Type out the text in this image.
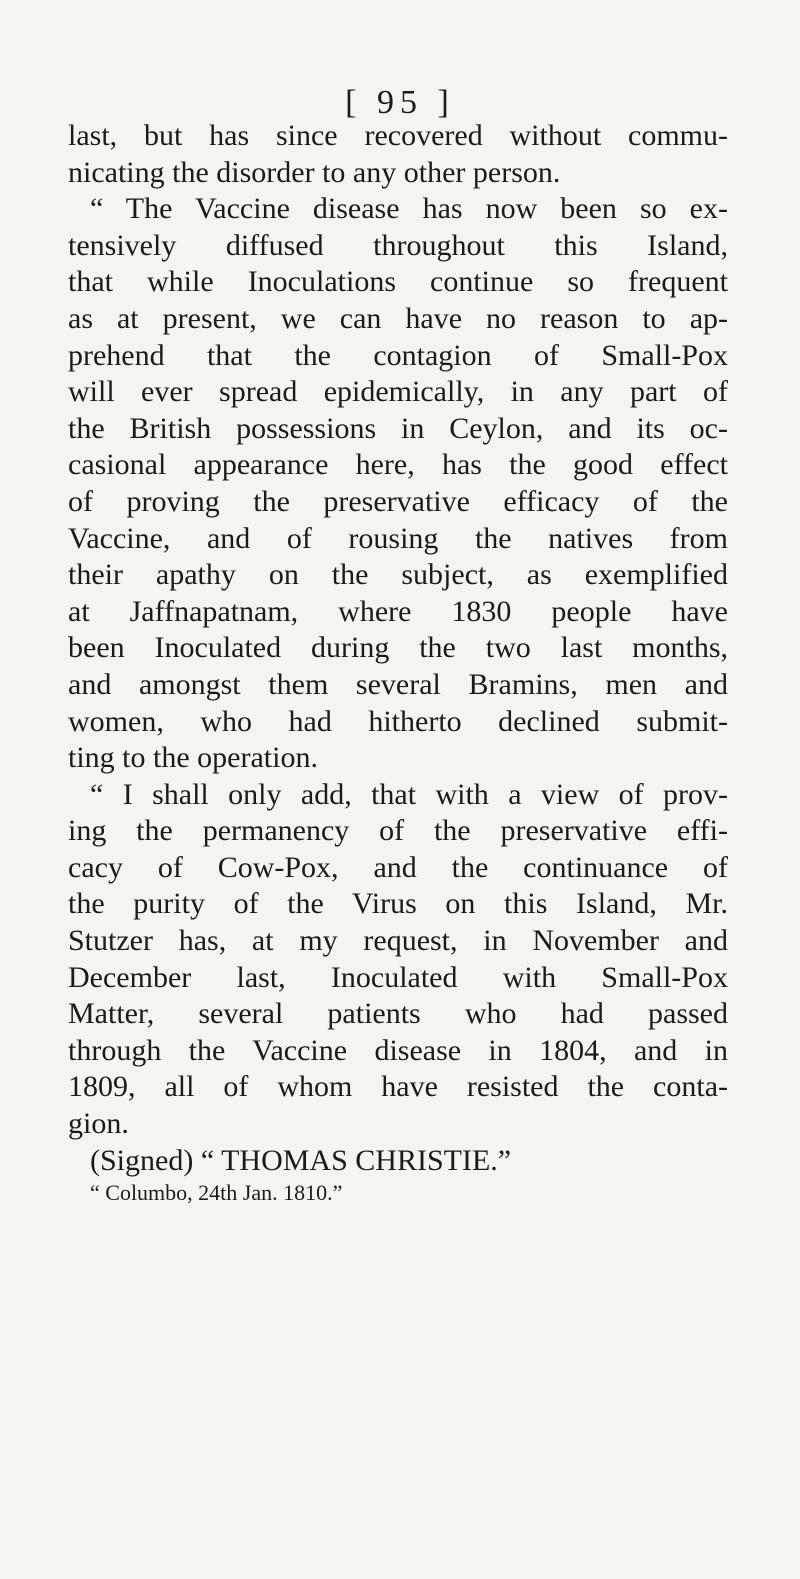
[ 95 ]
last, but has since recovered without commu-
nicating the disorder to any other person.
“ The Vaccine disease has now been so ex-
tensively diffused throughout this Island,
that while Inoculations continue so frequent
as at present, we can have no reason to ap-
prehend that the contagion of Small-Pox
will ever spread epidemically, in any part of
the British possessions in Ceylon, and its oc-
casional appearance here, has the good effect
of proving the preservative efficacy of the
Vaccine, and of rousing the natives from
their apathy on the subject, as exemplified
at Jaffnapatnam, where 1830 people have
been Inoculated during the two last months,
and amongst them several Bramins, men and
women, who had hitherto declined submit-
ting to the operation.
“ I shall only add, that with a view of prov-
ing the permanency of the preservative effi-
cacy of Cow-Pox, and the continuance of
the purity of the Virus on this Island, Mr.
Stutzer has, at my request, in November and
December last, Inoculated with Small-Pox
Matter, several patients who had passed
through the Vaccine disease in 1804, and in
1809, all of whom have resisted the conta-
gion.
(Signed) “ THOMAS CHRISTIE.”
“ Columbo, 24th Jan. 1810.”
